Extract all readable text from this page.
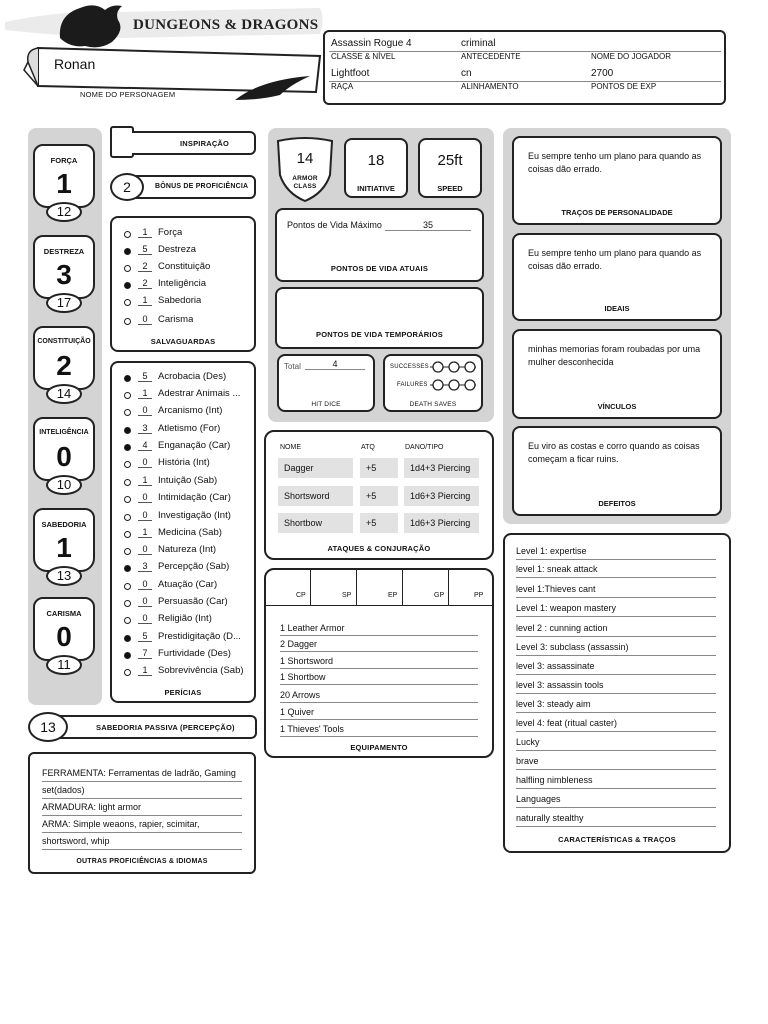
DUNGEONS & DRAGONS
Ronan
NOME DO PERSONAGEM
Assassin Rogue 4	criminal
CLASSE & NÍVEL	ANTECEDENTE	NOME DO JOGADOR
Lightfoot	cn	2700
RAÇA	ALINHAMENTO	PONTOS DE EXP
FORÇA
1
12
DESTREZA
3
17
CONSTITUIÇÃO
2
14
INTELIGÊNCIA
0
10
SABEDORIA
1
13
CARISMA
0
11
INSPIRAÇÃO
2	BÔNUS DE PROFICIÊNCIA
1	Força
5	Destreza
2	Constituição
2	Inteligência
1	Sabedoria
0	Carisma
SALVAGUARDAS
5	Acrobacia (Des)
1	Adestrar Animais ...
0	Arcanismo (Int)
3	Atletismo (For)
4	Enganação (Car)
0	História (Int)
1	Intuição (Sab)
0	Intimidação (Car)
0	Investigação (Int)
1	Medicina (Sab)
0	Natureza (Int)
3	Percepção (Sab)
0	Atuação (Car)
0	Persuasão (Car)
0	Religião (Int)
5	Prestidigitação (D...
7	Furtividade (Des)
1	Sobrevivência (Sab)
PERÍCIAS
13	SABEDORIA PASSIVA (PERCEPÇÃO)
FERRAMENTA: Ferramentas de ladrão, Gaming
set(dados)
ARMADURA: light armor
ARMA: Simple weaons, rapier, scimitar,
shortsword, whip
OUTRAS PROFICIÊNCIAS & IDIOMAS
14
ARMOR CLASS
18
INITIATIVE
25ft
SPEED
Pontos de Vida Máximo	35
PONTOS DE VIDA ATUAIS
PONTOS DE VIDA TEMPORÁRIOS
Total	4
HIT DICE
SUCCESSES
FAILURES
DEATH SAVES
NOME	ATQ	DANO/TIPO
Dagger	+5	1d4+3 Piercing
Shortsword	+5	1d6+3 Piercing
Shortbow	+5	1d6+3 Piercing
ATAQUES & CONJURAÇÃO
CP	SP	EP	GP	PP
1 Leather Armor
2 Dagger
1 Shortsword
1 Shortbow
20 Arrows
1 Quiver
1 Thieves' Tools
EQUIPAMENTO
Eu sempre tenho um plano para quando as coisas dão errado.
TRAÇOS DE PERSONALIDADE
Eu sempre tenho um plano para quando as coisas dão errado.
IDEAIS
minhas memorias foram roubadas por uma mulher desconhecida
VÍNCULOS
Eu viro as costas e corro quando as coisas começam a ficar ruins.
DEFEITOS
Level 1: expertise
level 1: sneak attack
level 1:Thieves cant
Level 1: weapon mastery
level 2 : cunning action
Level 3: subclass (assassin)
level 3: assassinate
level 3: assassin tools
level 3: steady aim
level 4: feat (ritual caster)
Lucky
brave
halfling nimbleness
Languages
naturally stealthy
CARACTERÍSTICAS & TRAÇOS
